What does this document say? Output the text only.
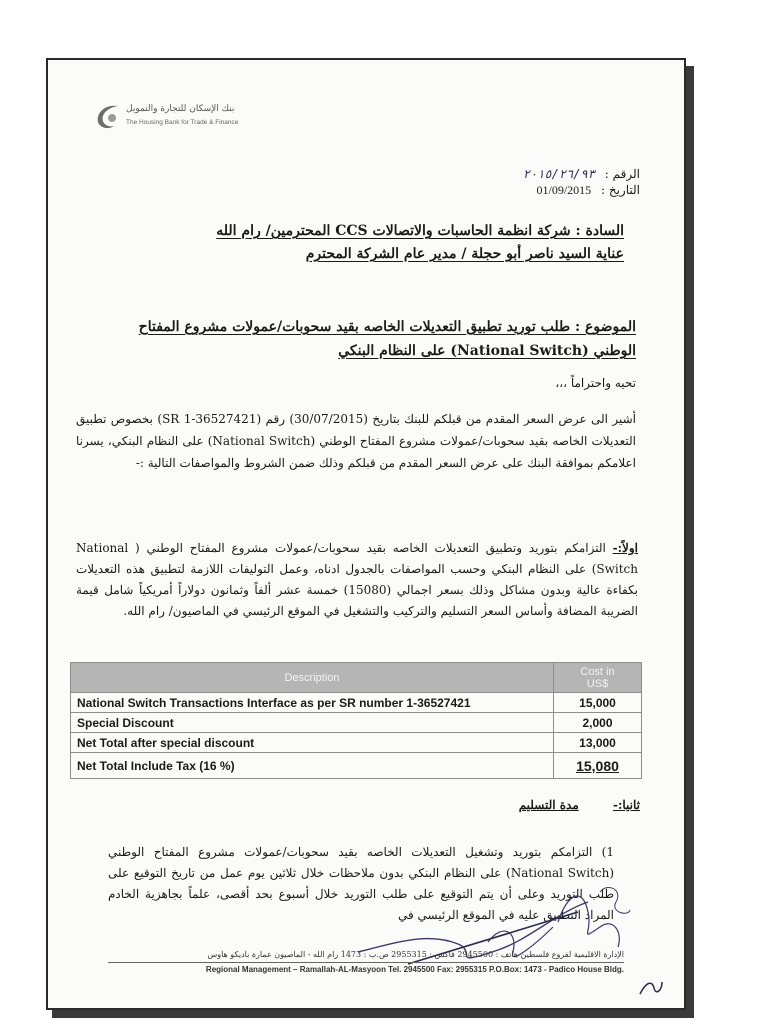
بنك الإسكان للتجارة والتمويل
The Housing Bank for Trade & Finance
الرقم : ٢٠١٥/٢٦/٩٣
التاريخ : 01/09/2015
السادة : شركة انظمة الحاسبات والاتصالات CCS المحترمين/ رام الله
عناية السيد ناصر أبو حجلة / مدير عام الشركة المحترم
الموضوع : طلب توريد تطبيق التعديلات الخاصه بقيد سحوبات/عمولات مشروع المفتاح
الوطني (National Switch) على النظام البنكي
تحيه واحتراماً ،،،
أشير الى عرض السعر المقدم من قبلكم للبنك بتاريخ (30/07/2015) رقم (SR 1-36527421) بخصوص تطبيق التعديلات الخاصه بقيد سحوبات/عمولات مشروع المفتاح الوطني (National Switch) على النظام البنكي، يسرنا اعلامكم بموافقة البنك على عرض السعر المقدم من قبلكم وذلك ضمن الشروط والمواصفات التالية :-
اولاً:- التزامكم بتوريد وتطبيق التعديلات الخاصه بقيد سحوبات/عمولات مشروع المفتاح الوطني ( National Switch) على النظام البنكي وحسب المواصفات بالجدول ادناه، وعمل التوليفات اللازمة لتطبيق هذه التعديلات بكفاءة عالية وبدون مشاكل وذلك بسعر اجمالي (15080) خمسة عشر ألفاً وثمانون دولاراً أمريكياً شامل قيمة الضريبة المضافة وأساس السعر التسليم والتركيب والتشغيل في الموقع الرئيسي في الماصيون/ رام الله.
Description	Cost in
US$

National Switch Transactions Interface as per SR number 1-36527421	15,000
Special Discount	2,000
Net Total after special discount	13,000
Net Total Include Tax (16 %)	15,080
ثانيا:- مدة التسليم
1) التزامكم بتوريد وتشغيل التعديلات الخاصه بقيد سحوبات/عمولات مشروع المفتاح الوطني (National Switch) على النظام البنكي بدون ملاحظات خلال ثلاثين يوم عمل من تاريخ التوقيع على طلب التوريد وعلى أن يتم التوقيع على طلب التوريد خلال أسبوع بحد أقصى، علماً بجاهزية الخادم المراد التطبيق عليه في الموقع الرئيسي في
الإدارة الاقليمية لفروع فلسطين هاتف : 2945500 فاكس : 2955315 ص.ب : 1473 رام الله - الماصيون عمارة باديكو هاوس
Regional Management – Ramallah-AL-Masyoon Tel. 2945500 Fax: 2955315 P.O.Box: 1473 - Padico House Bldg.
